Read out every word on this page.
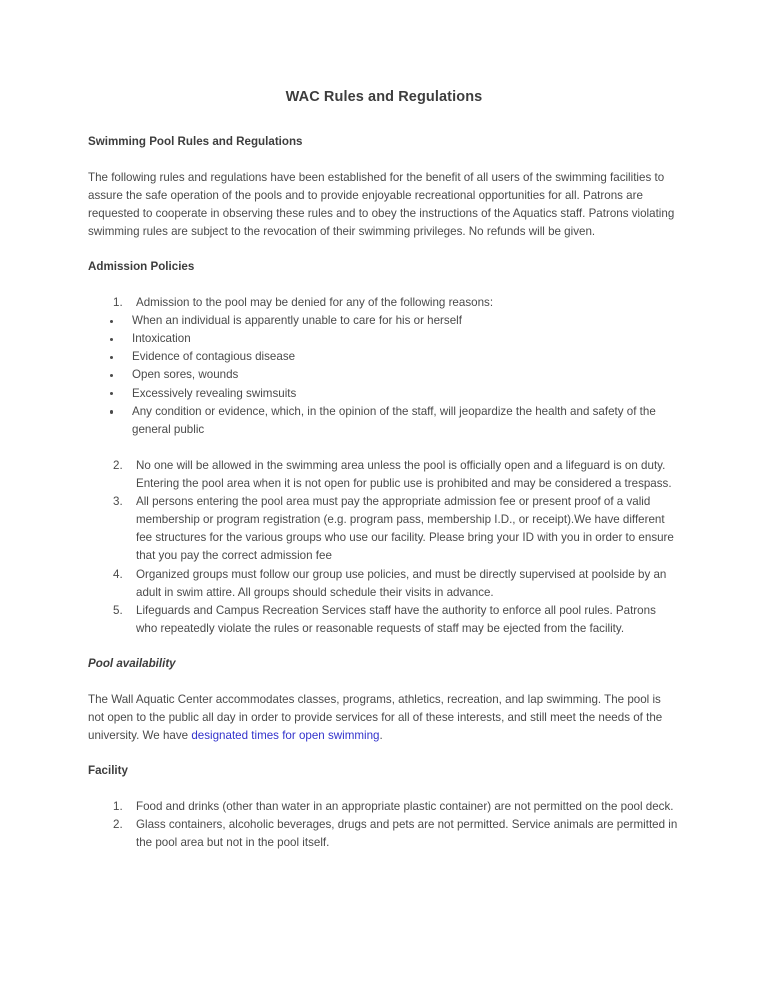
WAC Rules and Regulations
Swimming Pool Rules and Regulations

The following rules and regulations have been established for the benefit of all users of the swimming facilities to assure the safe operation of the pools and to provide enjoyable recreational opportunities for all. Patrons are requested to cooperate in observing these rules and to obey the instructions of the Aquatics staff. Patrons violating swimming rules are subject to the revocation of their swimming privileges. No refunds will be given.

Admission Policies
1.	Admission to the pool may be denied for any of the following reasons:
When an individual is apparently unable to care for his or herself
Intoxication
Evidence of contagious disease
Open sores, wounds
Excessively revealing swimsuits
Any condition or evidence, which, in the opinion of the staff, will jeopardize the health and safety of the general public
2.	No one will be allowed in the swimming area unless the pool is officially open and a lifeguard is on duty. Entering the pool area when it is not open for public use is prohibited and may be considered a trespass.
3.	All persons entering the pool area must pay the appropriate admission fee or present proof of a valid membership or program registration (e.g. program pass, membership I.D., or receipt).We have different fee structures for the various groups who use our facility. Please bring your ID with you in order to ensure that you pay the correct admission fee
4.	Organized groups must follow our group use policies, and must be directly supervised at poolside by an adult in swim attire. All groups should schedule their visits in advance.
5.	Lifeguards and Campus Recreation Services staff have the authority to enforce all pool rules. Patrons who repeatedly violate the rules or reasonable requests of staff may be ejected from the facility.
Pool availability

The Wall Aquatic Center accommodates classes, programs, athletics, recreation, and lap swimming. The pool is not open to the public all day in order to provide services for all of these interests, and still meet the needs of the university. We have designated times for open swimming.

Facility
1.	Food and drinks (other than water in an appropriate plastic container) are not permitted on the pool deck.
2.	Glass containers, alcoholic beverages, drugs and pets are not permitted. Service animals are permitted in the pool area but not in the pool itself.
